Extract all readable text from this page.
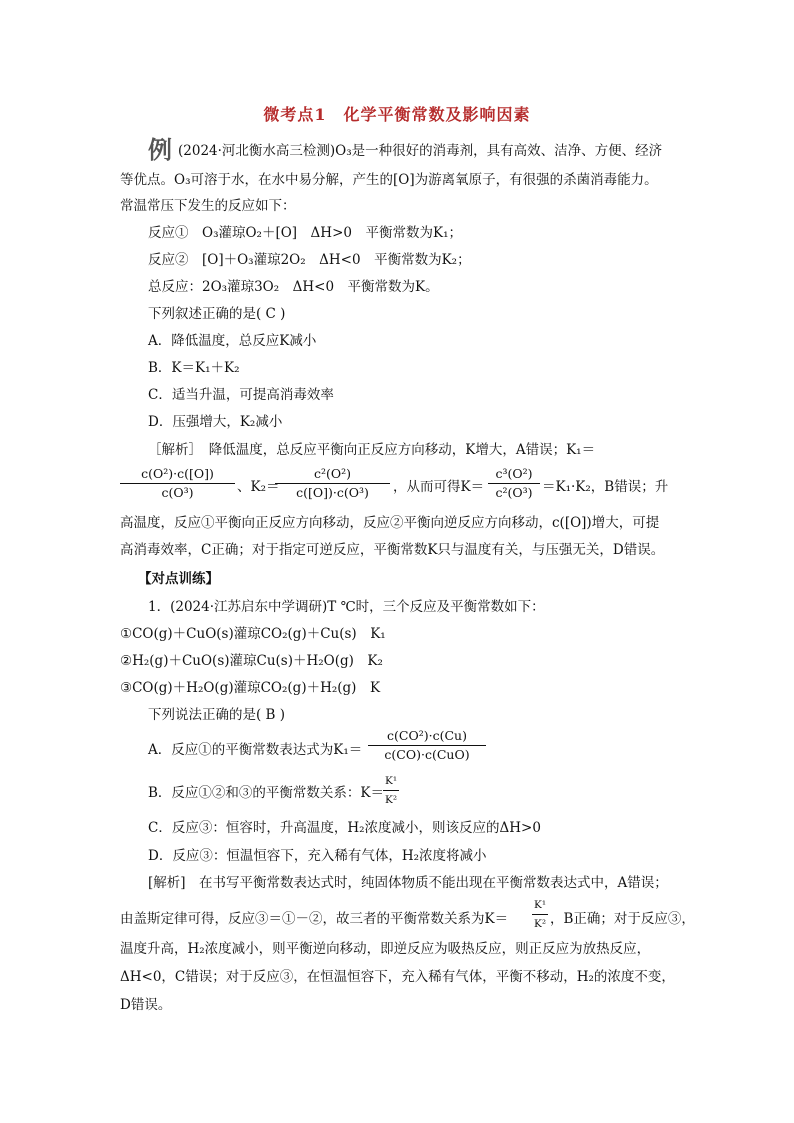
微考点1　化学平衡常数及影响因素
例 (2024·河北衡水高三检测)O₃是一种很好的消毒剂，具有高效、洁净、方便、经济
等优点。O₃可溶于水，在水中易分解，产生的[O]为游离氧原子，有很强的杀菌消毒能力。
常温常压下发生的反应如下：
反应①　O₃灌琼O₂＋[O]　ΔH>0　平衡常数为K₁；
反应②　[O]＋O₃灌琼2O₂　ΔH<0　平衡常数为K₂；
总反应：2O₃灌琼3O₂　ΔH<0　平衡常数为K。
下列叙述正确的是( C )
A．降低温度，总反应K减小
B．K＝K₁＋K₂
C．适当升温，可提高消毒效率
D．压强增大，K₂减小
［解析］　降低温度，总反应平衡向正反应方向移动，K增大，A错误；K₁＝
c(O²)·c([O])
c(O³)	、K₂＝
c²(O²)
c([O])·c(O³)	，从而可得K＝
c³(O²)
c²(O³) ＝K₁·K₂，B错误；升
高温度，反应①平衡向正反应方向移动，反应②平衡向逆反应方向移动，c([O])增大，可提
高消毒效率，C正确；对于指定可逆反应，平衡常数K只与温度有关，与压强无关，D错误。
【对点训练】
1．(2024·江苏启东中学调研)T ℃时，三个反应及平衡常数如下：
①CO(g)＋CuO(s)灌琼CO₂(g)＋Cu(s)　K₁
②H₂(g)＋CuO(s)灌琼Cu(s)＋H₂O(g)　K₂
③CO(g)＋H₂O(g)灌琼CO₂(g)＋H₂(g)　K
下列说法正确的是( B )
A．反应①的平衡常数表达式为K₁＝
c(CO²)·c(Cu)
c(CO)·c(CuO)
B．反应①②和③的平衡常数关系：K＝
K¹
K²
C．反应③：恒容时，升高温度，H₂浓度减小，则该反应的ΔH>0
D．反应③：恒温恒容下，充入稀有气体，H₂浓度将减小
[解析]　在书写平衡常数表达式时，纯固体物质不能出现在平衡常数表达式中，A错误；
由盖斯定律可得，反应③＝①－②，故三者的平衡常数关系为K＝
K¹
K² ，B正确；对于反应③，
温度升高，H₂浓度减小，则平衡逆向移动，即逆反应为吸热反应，则正反应为放热反应，
ΔH<0，C错误；对于反应③，在恒温恒容下，充入稀有气体，平衡不移动，H₂的浓度不变，
D错误。
